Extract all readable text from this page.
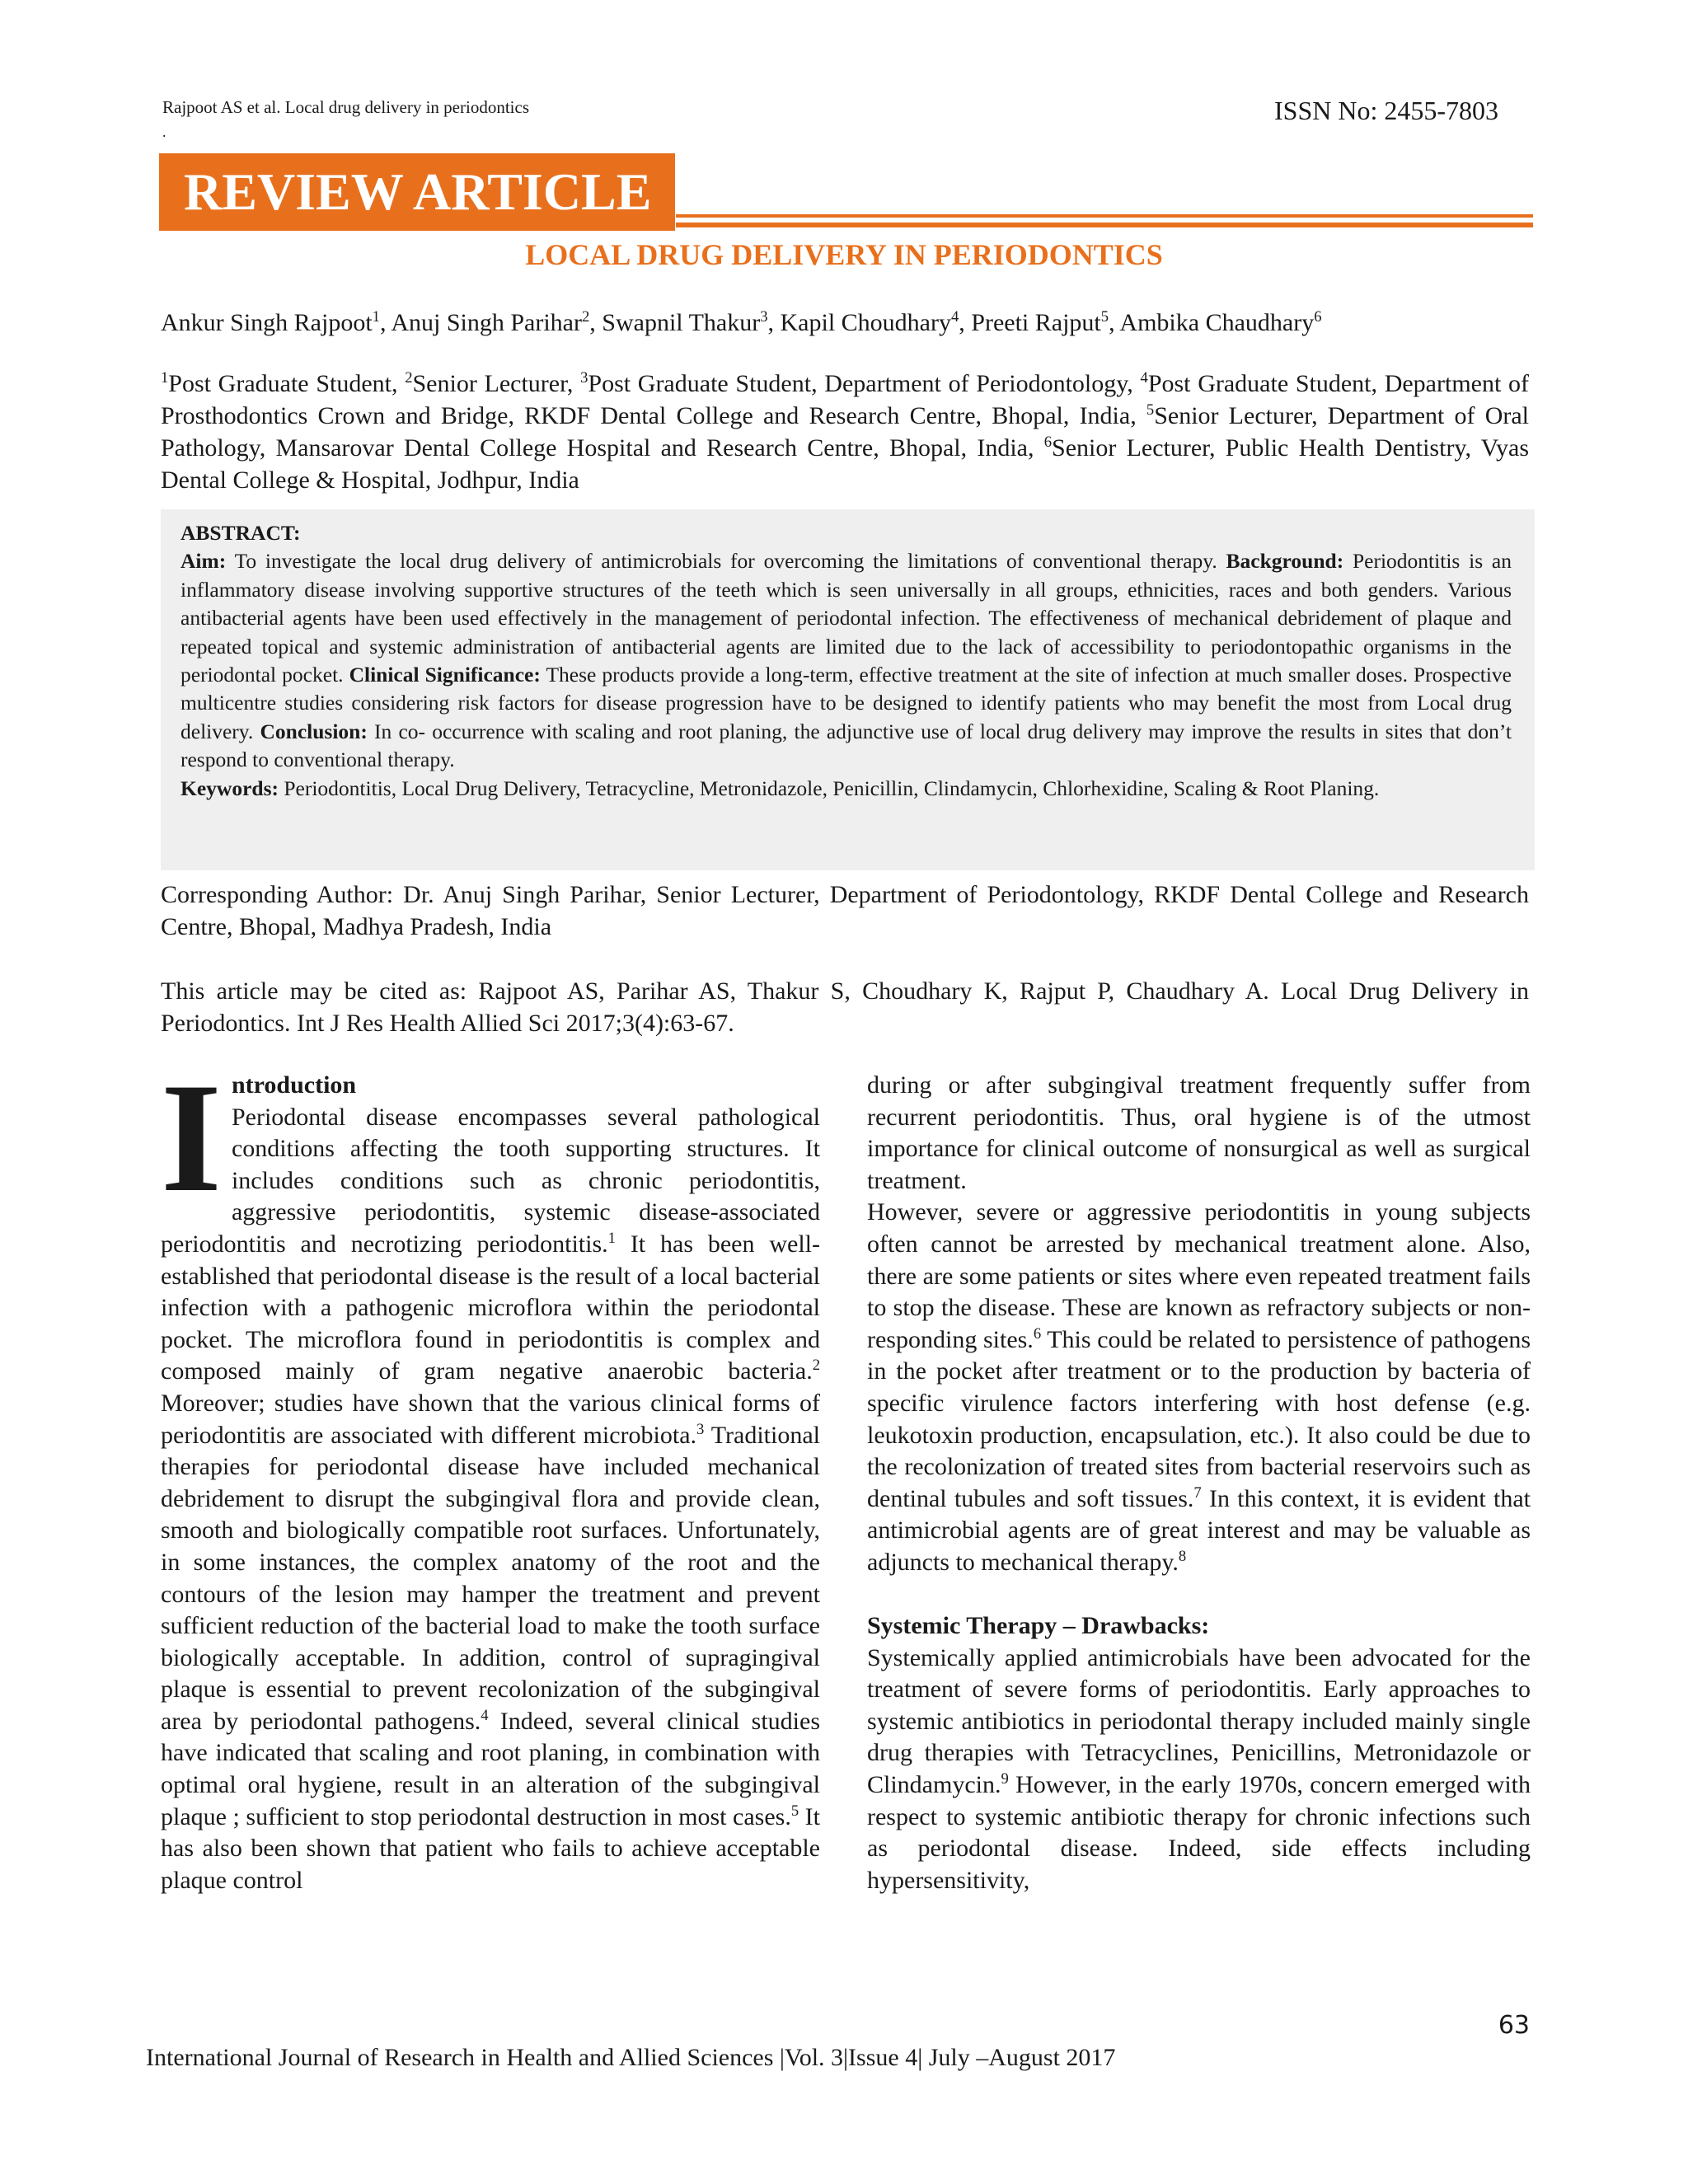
Rajpoot AS et al. Local drug delivery in periodontics
.
ISSN No: 2455-7803
REVIEW ARTICLE
LOCAL DRUG DELIVERY IN PERIODONTICS
Ankur Singh Rajpoot$^1$, Anuj Singh Parihar$^2$, Swapnil Thakur$^3$, Kapil Choudhary$^4$, Preeti Rajput$^5$, Ambika Chaudhary$^6$
$^1$Post Graduate Student, $^2$Senior Lecturer, $^3$Post Graduate Student, Department of Periodontology, $^4$Post Graduate Student, Department of Prosthodontics Crown and Bridge, RKDF Dental College and Research Centre, Bhopal, India, $^5$Senior Lecturer, Department of Oral Pathology, Mansarovar Dental College Hospital and Research Centre, Bhopal, India, $^6$Senior Lecturer, Public Health Dentistry, Vyas Dental College & Hospital, Jodhpur, India

ABSTRACT:

Aim: To investigate the local drug delivery of antimicrobials for overcoming the limitations of conventional therapy. Background: Periodontitis is an inflammatory disease involving supportive structures of the teeth which is seen universally in all groups, ethnicities, races and both genders. Various antibacterial agents have been used effectively in the management of periodontal infection. The effectiveness of mechanical debridement of plaque and repeated topical and systemic administration of antibacterial agents are limited due to the lack of accessibility to periodontopathic organisms in the periodontal pocket. Clinical Significance: These products provide a long-term, effective treatment at the site of infection at much smaller doses. Prospective multicentre studies considering risk factors for disease progression have to be designed to identify patients who may benefit the most from Local drug delivery. Conclusion: In co- occurrence with scaling and root planing, the adjunctive use of local drug delivery may improve the results in sites that don’t respond to conventional therapy.

Keywords: Periodontitis, Local Drug Delivery, Tetracycline, Metronidazole, Penicillin, Clindamycin, Chlorhexidine, Scaling & Root Planing.

Corresponding Author: Dr. Anuj Singh Parihar, Senior Lecturer, Department of Periodontology, RKDF Dental College and Research Centre, Bhopal, Madhya Pradesh, India
This article may be cited as: Rajpoot AS, Parihar AS, Thakur S, Choudhary K, Rajput P, Chaudhary A. Local Drug Delivery in Periodontics. Int J Res Health Allied Sci 2017;3(4):63-67.
I ntroduction

Periodontal disease encompasses several pathological conditions affecting the tooth supporting structures. It includes conditions such as chronic periodontitis, aggressive periodontitis, systemic disease-associated periodontitis and necrotizing periodontitis.$^1$ It has been well-established that periodontal disease is the result of a local bacterial infection with a pathogenic microflora within the periodontal pocket. The microflora found in periodontitis is complex and composed mainly of gram negative anaerobic bacteria.$^2$ Moreover; studies have shown that the various clinical forms of periodontitis are associated with different microbiota.$^3$ Traditional therapies for periodontal disease have included mechanical debridement to disrupt the subgingival flora and provide clean, smooth and biologically compatible root surfaces. Unfortunately, in some instances, the complex anatomy of the root and the contours of the lesion may hamper the treatment and prevent sufficient reduction of the bacterial load to make the tooth surface biologically acceptable. In addition, control of supragingival plaque is essential to prevent recolonization of the subgingival area by periodontal pathogens.$^4$ Indeed, several clinical studies have indicated that scaling and root planing, in combination with optimal oral hygiene, result in an alteration of the subgingival plaque ; sufficient to stop periodontal destruction in most cases.$^5$ It has also been shown that patient who fails to achieve acceptable plaque control

during or after subgingival treatment frequently suffer from recurrent periodontitis. Thus, oral hygiene is of the utmost importance for clinical outcome of nonsurgical as well as surgical treatment.

However, severe or aggressive periodontitis in young subjects often cannot be arrested by mechanical treatment alone. Also, there are some patients or sites where even repeated treatment fails to stop the disease. These are known as refractory subjects or non-responding sites.$^6$ This could be related to persistence of pathogens in the pocket after treatment or to the production by bacteria of specific virulence factors interfering with host defense (e.g. leukotoxin production, encapsulation, etc.). It also could be due to the recolonization of treated sites from bacterial reservoirs such as dentinal tubules and soft tissues.$^7$ In this context, it is evident that antimicrobial agents are of great interest and may be valuable as adjuncts to mechanical therapy.$^8$

Systemic Therapy – Drawbacks:

Systemically applied antimicrobials have been advocated for the treatment of severe forms of periodontitis. Early approaches to systemic antibiotics in periodontal therapy included mainly single drug therapies with Tetracyclines, Penicillins, Metronidazole or Clindamycin.$^9$ However, in the early 1970s, concern emerged with respect to systemic antibiotic therapy for chronic infections such as periodontal disease. Indeed, side effects including hypersensitivity,

63
International Journal of Research in Health and Allied Sciences |Vol. 3|Issue 4| July –August 2017
